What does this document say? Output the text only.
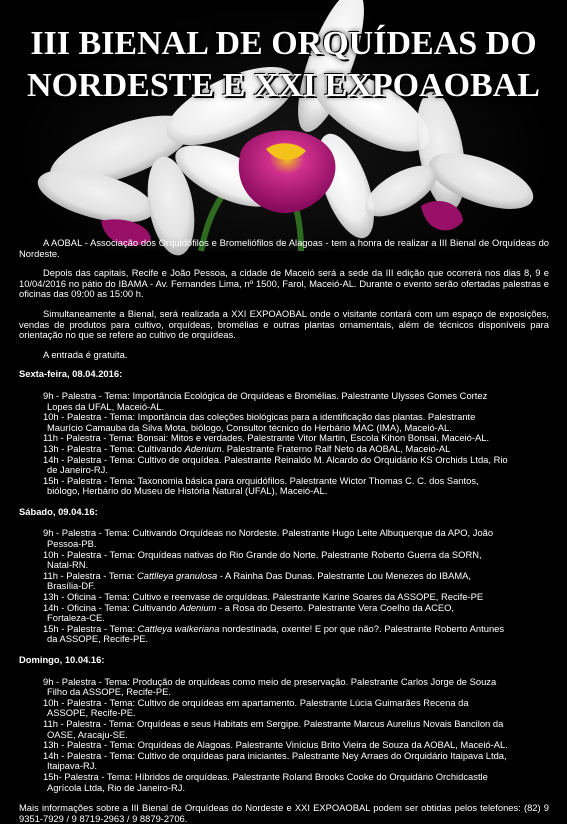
III BIENAL DE ORQUÍDEAS DO
NORDESTE E XXI EXPOAOBAL

A AOBAL - Associação dos Orquidófilos e Bromeliófilos de Alagoas - tem a honra de realizar a III Bienal de Orquídeas do Nordeste.

Depois das capitais, Recife e João Pessoa, a cidade de Maceió será a sede da III edição que ocorrerá nos dias 8, 9 e 10/04/2016 no pátio do IBAMA - Av. Fernandes Lima, nº 1500, Farol, Maceió-AL. Durante o evento serão ofertadas palestras e oficinas das 09:00 as 15:00 h.

Simultaneamente a Bienal, será realizada a XXI EXPOAOBAL onde o visitante contará com um espaço de exposições, vendas de produtos para cultivo, orquídeas, bromélias e outras plantas ornamentais, além de técnicos disponíveis para orientação no que se refere ao cultivo de orquídeas.

A entrada é gratuita.

Sexta-feira, 08.04.2016:

9h - Palestra - Tema: Importância Ecológica de Orquídeas e Bromélias. Palestrante Ulysses Gomes Cortez

Lopes da UFAL, Maceió-AL.

10h - Palestra - Tema: Importância das coleções biológicas para a identificação das plantas. Palestrante

Maurício Camauba da Silva Mota, biólogo, Consultor técnico do Herbário MAC (IMA), Maceió-AL.

11h - Palestra - Tema: Bonsai: Mitos e verdades. Palestrante Vitor Martin, Escola Kihon Bonsai, Maceió-AL.

13h - Palestra - Tema: Cultivando Adenium. Palestrante Fraterno Ralf Neto da AOBAL, Maceió-AL

14h - Palestra - Tema: Cultivo de orquídea. Palestrante Reinaldo M. Alcardo do Orquidário KS Orchids Ltda, Rio

de Janeiro-RJ.

15h - Palestra - Tema: Taxonomia básica para orquidófilos. Palestrante Wictor Thomas C. C. dos Santos,

biólogo, Herbário do Museu de História Natural (UFAL), Maceió-AL.

Sábado, 09.04.16:

9h - Palestra - Tema: Cultivando Orquídeas no Nordeste. Palestrante Hugo Leite Albuquerque da APO, João

Pessoa-PB.

10h - Palestra - Tema: Orquídeas nativas do Rio Grande do Norte. Palestrante Roberto Guerra da SORN,

Natal-RN.

11h - Palestra - Tema: Cattlleya granulosa - A Rainha Das Dunas. Palestrante Lou Menezes do IBAMA,

Brasília-DF.

13h - Oficina - Tema: Cultivo e reenvase de orquídeas. Palestrante Karine Soares da ASSOPE, Recife-PE

14h - Oficina - Tema: Cultivando Adenium - a Rosa do Deserto. Palestrante Vera Coelho da ACEO,

Fortaleza-CE.

15h - Palestra - Tema: Cattleya walkeriana nordestinada, oxente! E por que não?. Palestrante Roberto Antunes

da ASSOPE, Recife-PE.

Domingo, 10.04.16:

9h - Palestra - Tema: Produção de orquídeas como meio de preservação. Palestrante Carlos Jorge de Souza

Filho da ASSOPE, Recife-PE.

10h - Palestra - Tema: Cultivo de orquídeas em apartamento. Palestrante Lúcia Guimarães Recena da

ASSOPE, Recife-PE.

11h - Palestra - Tema: Orquídeas e seus Habitats em Sergipe. Palestrante Marcus Aurelius Novais Bancilon da

OASE, Aracaju-SE.

13h - Palestra - Tema: Orquídeas de Alagoas. Palestrante Vinícius Brito Vieira de Souza da AOBAL, Maceió-AL.

14h - Palestra - Tema: Cultivo de orquídeas para iniciantes. Palestrante Ney Arraes do Orquidário Itaipava Ltda,

Itaipava-RJ.

15h- Palestra - Tema: Híbridos de orquídeas. Palestrante Roland Brooks Cooke do Orquidário Orchidcastle

Agrícola Ltda, Rio de Janeiro-RJ.

Mais informações sobre a III Bienal de Orquídeas do Nordeste e XXI EXPOAOBAL podem ser obtidas pelos telefones: (82) 9 9351-7929 / 9 8719-2963 / 9 8879-2706.
